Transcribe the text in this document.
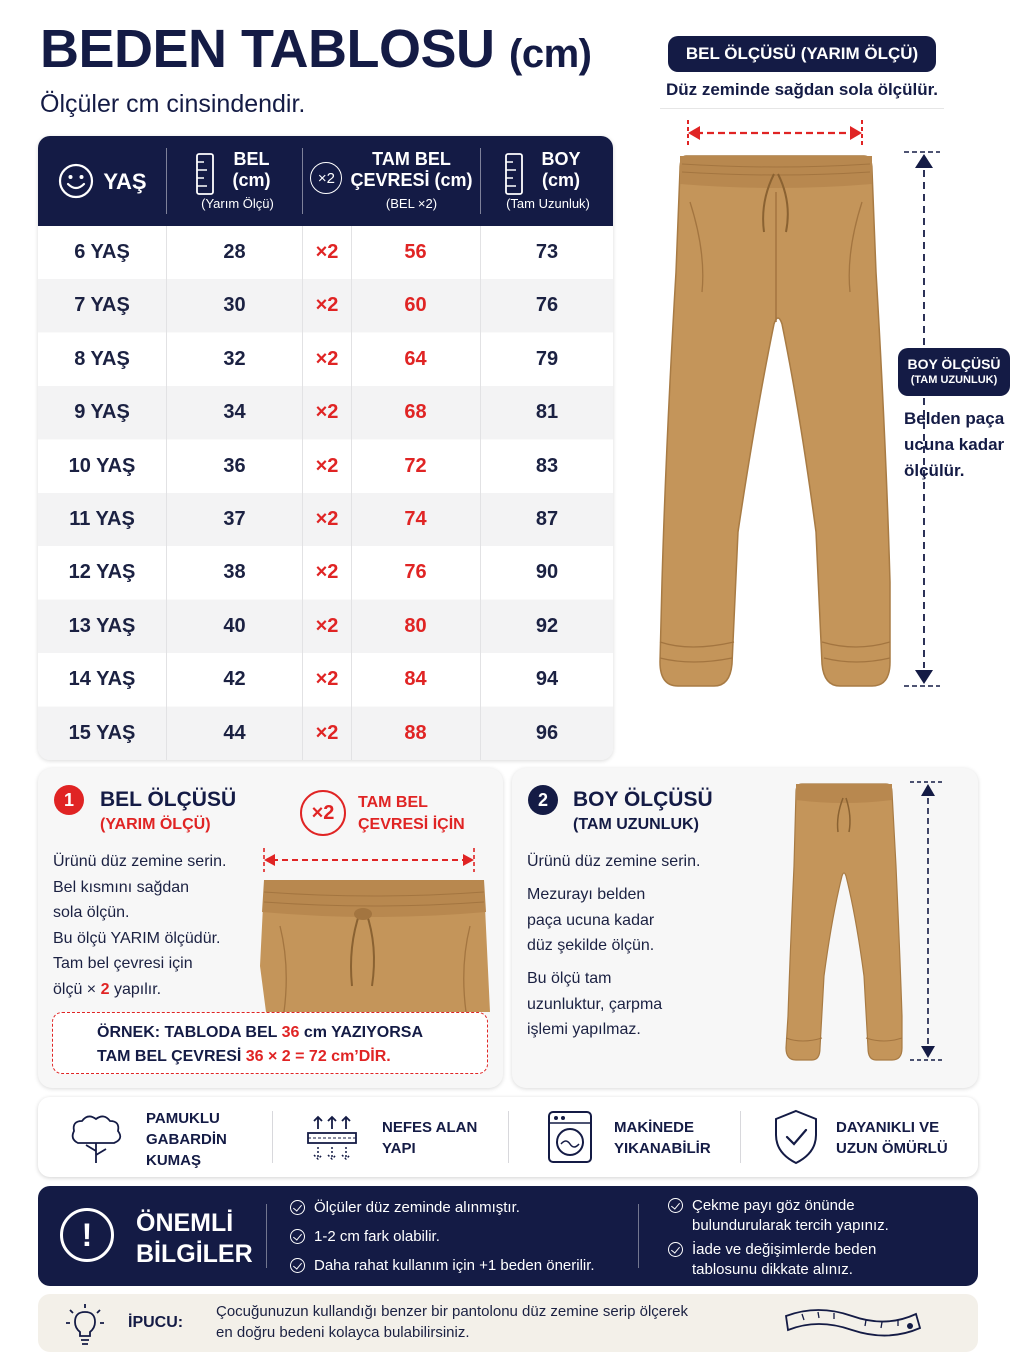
BEDEN TABLOSU (cm)
Ölçüler cm cinsindendir.
YAŞ
BEL
(cm)
(Yarım Ölçü)
×2
TAM BEL
ÇEVRESİ (cm)
(BEL ×2)
BOY
(cm)
(Tam Uzunluk)
6 YAŞ	28	×2	56	73
7 YAŞ	30	×2	60	76
8 YAŞ	32	×2	64	79
9 YAŞ	34	×2	68	81
10 YAŞ	36	×2	72	83
11 YAŞ	37	×2	74	87
12 YAŞ	38	×2	76	90
13 YAŞ	40	×2	80	92
14 YAŞ	42	×2	84	94
15 YAŞ	44	×2	88	96
BEL ÖLÇÜSÜ (YARIM ÖLÇÜ)
Düz zeminde sağdan sola ölçülür.
BOY ÖLÇÜSÜ
(TAM UZUNLUK)
Belden paça ucuna kadar ölçülür.
1	BEL ÖLÇÜSÜ
(YARIM ÖLÇÜ)
×2	TAM BEL
ÇEVRESİ İÇİN
Ürünü düz zemine serin.
Bel kısmını sağdan
sola ölçün.
Bu ölçü YARIM ölçüdür.
Tam bel çevresi için
ölçü × 2 yapılır.
ÖRNEK: TABLODA BEL 36 cm YAZIYORSA
TAM BEL ÇEVRESİ 36 × 2 = 72 cm’DİR.
2	BOY ÖLÇÜSÜ
(TAM UZUNLUK)
Ürünü düz zemine serin.
Mezurayı belden
paça ucuna kadar
düz şekilde ölçün.
Bu ölçü tam
uzunluktur, çarpma
işlemi yapılmaz.
PAMUKLU
GABARDİN
KUMAŞ
NEFES ALAN
YAPI
MAKİNEDE
YIKANABİLİR
DAYANIKLI VE
UZUN ÖMÜRLÜ
!	ÖNEMLİ
BİLGİLER
Ölçüler düz zeminde alınmıştır.
1-2 cm fark olabilir.
Daha rahat kullanım için +1 beden önerilir.
Çekme payı göz önünde
bulundurularak tercih yapınız.
İade ve değişimlerde beden
tablosunu dikkate alınız.
İPUCU:
Çocuğunuzun kullandığı benzer bir pantolonu düz zemine serip ölçerek
en doğru bedeni kolayca bulabilirsiniz.
